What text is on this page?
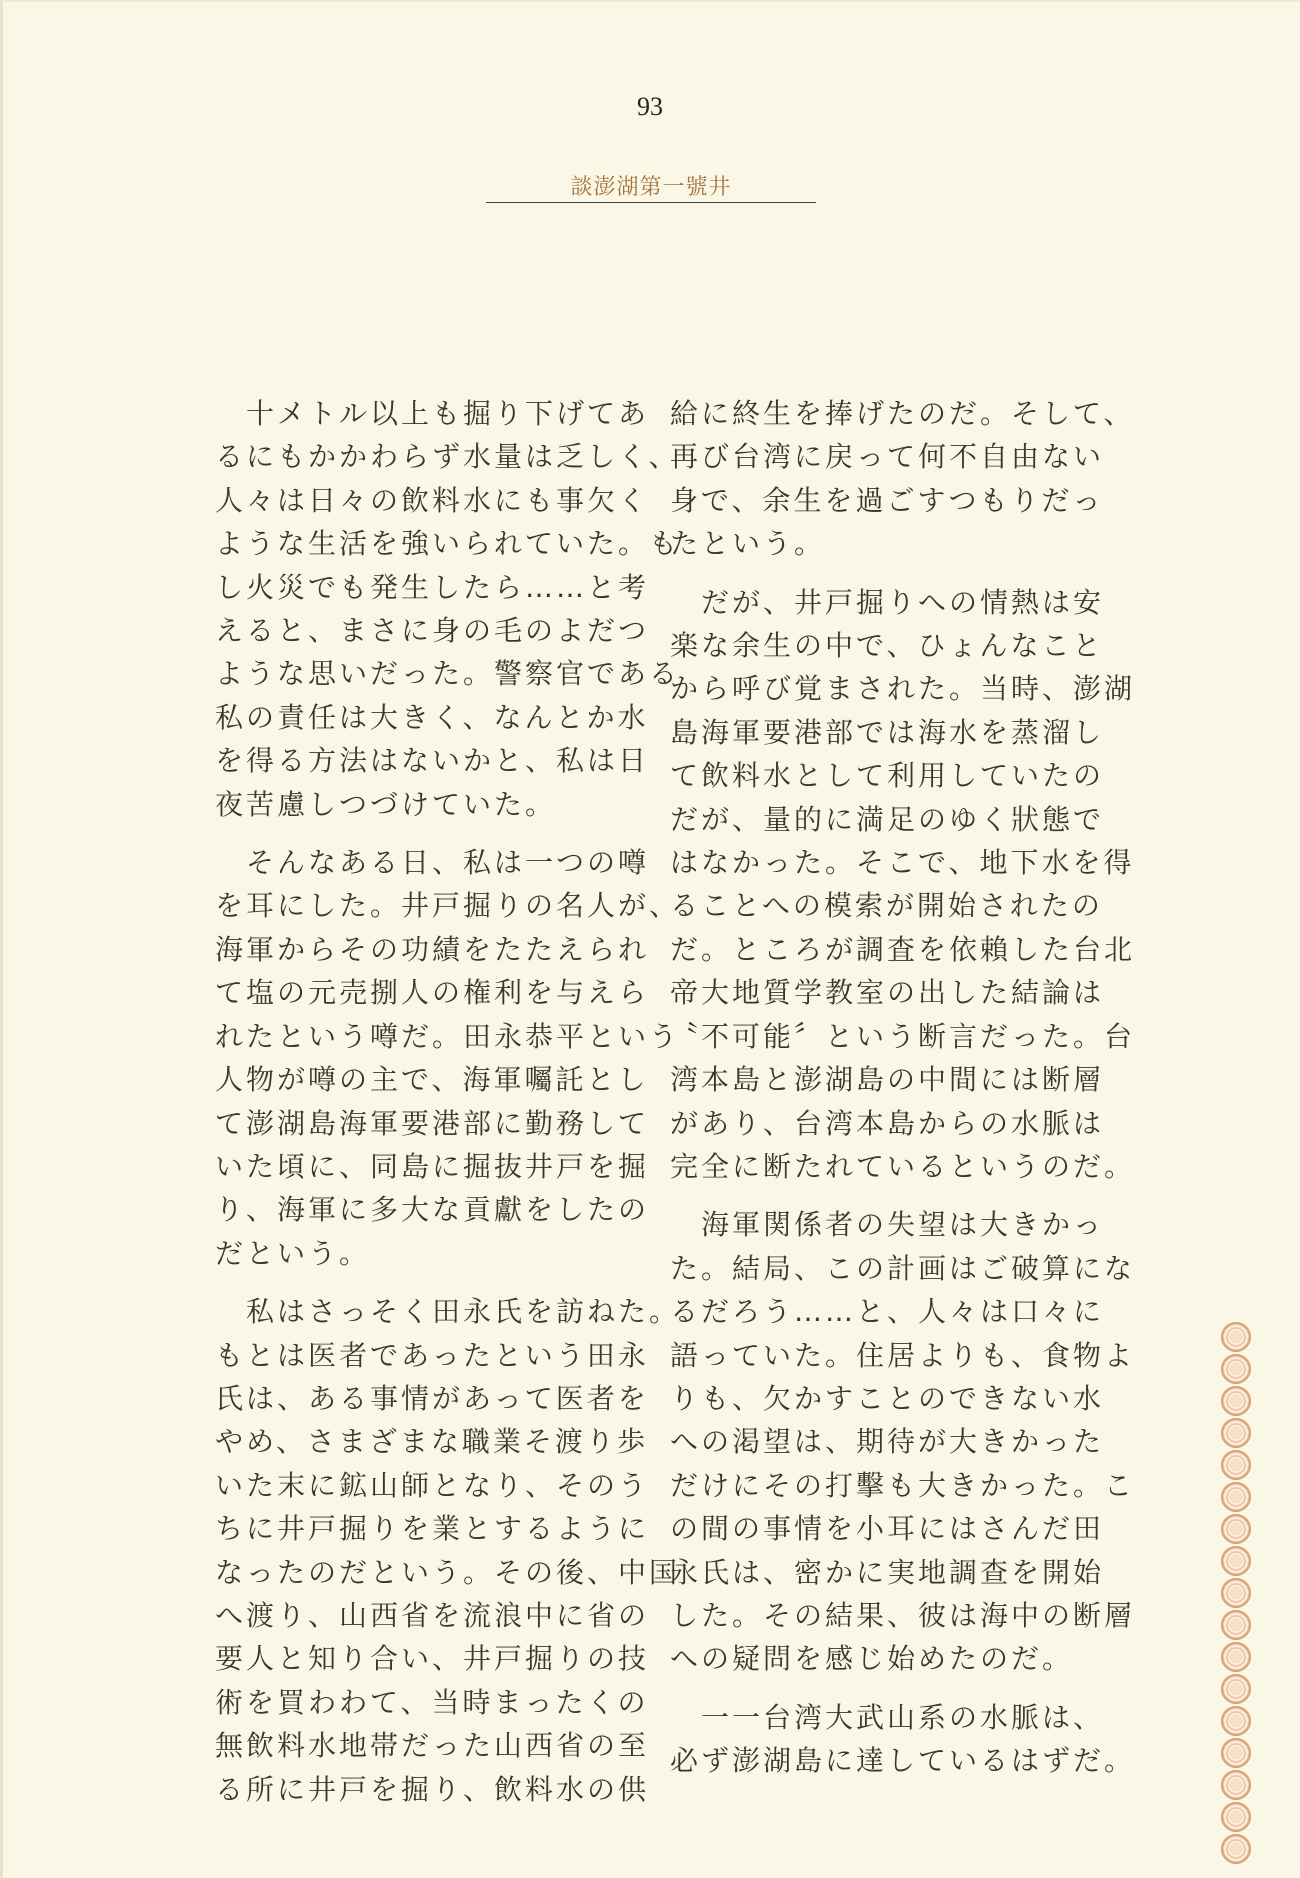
93
談澎湖第一號井
　十メトル以上も掘り下げてあ
るにもかかわらず水量は乏しく、
人々は日々の飲料水にも事欠く
ような生活を強いられていた。も
し火災でも発生したら……と考
えると、まさに身の毛のよだつ
ような思いだった。警察官である
私の責任は大きく、なんとか水
を得る方法はないかと、私は日
夜苦慮しつづけていた。
　そんなある日、私は一つの噂
を耳にした。井戸掘りの名人が、
海軍からその功績をたたえられ
て塩の元売捌人の権利を与えら
れたという噂だ。田永恭平という
人物が噂の主で、海軍囑託とし
て澎湖島海軍要港部に勤務して
いた頃に、同島に掘抜井戸を掘
り、海軍に多大な貢獻をしたの
だという。
　私はさっそく田永氏を訪ねた。
もとは医者であったという田永
氏は、ある事情があって医者を
やめ、さまざまな職業そ渡り歩
いた末に鉱山師となり、そのう
ちに井戸掘りを業とするように
なったのだという。その後、中国
へ渡り、山西省を流浪中に省の
要人と知り合い、井戸掘りの技
術を買わわて、当時まったくの
無飲料水地帯だった山西省の至
る所に井戸を掘り、飲料水の供
給に終生を捧げたのだ。そして、
再び台湾に戻って何不自由ない
身で、余生を過ごすつもりだっ
たという。
　だが、井戸掘りへの情熱は安
楽な余生の中で、ひょんなこと
から呼び覚まされた。当時、澎湖
島海軍要港部では海水を蒸溜し
て飲料水として利用していたの
だが、量的に満足のゆく狀態で
はなかった。そこで、地下水を得
ることへの模索が開始されたの
だ。ところが調査を依賴した台北
帝大地質学教室の出した結論は
〝不可能〞という断言だった。台
湾本島と澎湖島の中間には断層
があり、台湾本島からの水脈は
完全に断たれているというのだ。
　海軍関係者の失望は大きかっ
た。結局、この計画はご破算にな
るだろう……と、人々は口々に
語っていた。住居よりも、食物よ
りも、欠かすことのできない水
への渇望は、期待が大きかった
だけにその打擊も大きかった。こ
の間の事情を小耳にはさんだ田
永氏は、密かに実地調查を開始
した。その結果、彼は海中の断層
への疑問を感じ始めたのだ。
　一一台湾大武山系の水脈は、
必ず澎湖島に達しているはずだ。
